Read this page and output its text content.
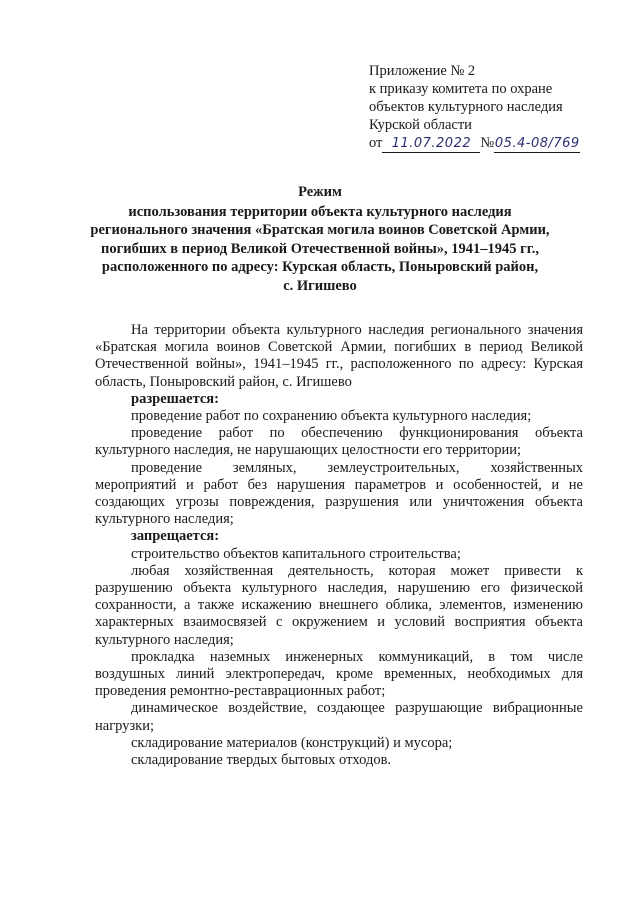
Приложение № 2
к приказу комитета по охране
объектов культурного наследия
Курской области
от 11.07.2022 №05.4-08/769
Режим
использования территории объекта культурного наследия
регионального значения «Братская могила воинов Советской Армии,
погибших в период Великой Отечественной войны», 1941–1945 гг.,
расположенного по адресу: Курская область, Поныровский район,
с. Игишево

На территории объекта культурного наследия регионального значения «Братская могила воинов Советской Армии, погибших в период Великой Отечественной войны», 1941–1945 гг., расположенного по адресу: Курская область, Поныровский район, с. Игишево

разрешается:

проведение работ по сохранению объекта культурного наследия;

проведение работ по обеспечению функционирования объекта культурного наследия, не нарушающих целостности его территории;

проведение земляных, землеустроительных, хозяйственных мероприятий и работ без нарушения параметров и особенностей, и не создающих угрозы повреждения, разрушения или уничтожения объекта культурного наследия;

запрещается:

строительство объектов капитального строительства;

любая хозяйственная деятельность, которая может привести к разрушению объекта культурного наследия, нарушению его физической сохранности, а также искажению внешнего облика, элементов, изменению характерных взаимосвязей с окружением и условий восприятия объекта культурного наследия;

прокладка наземных инженерных коммуникаций, в том числе воздушных линий электропередач, кроме временных, необходимых для проведения ремонтно-реставрационных работ;

динамическое воздействие, создающее разрушающие вибрационные нагрузки;

складирование материалов (конструкций) и мусора;

складирование твердых бытовых отходов.
